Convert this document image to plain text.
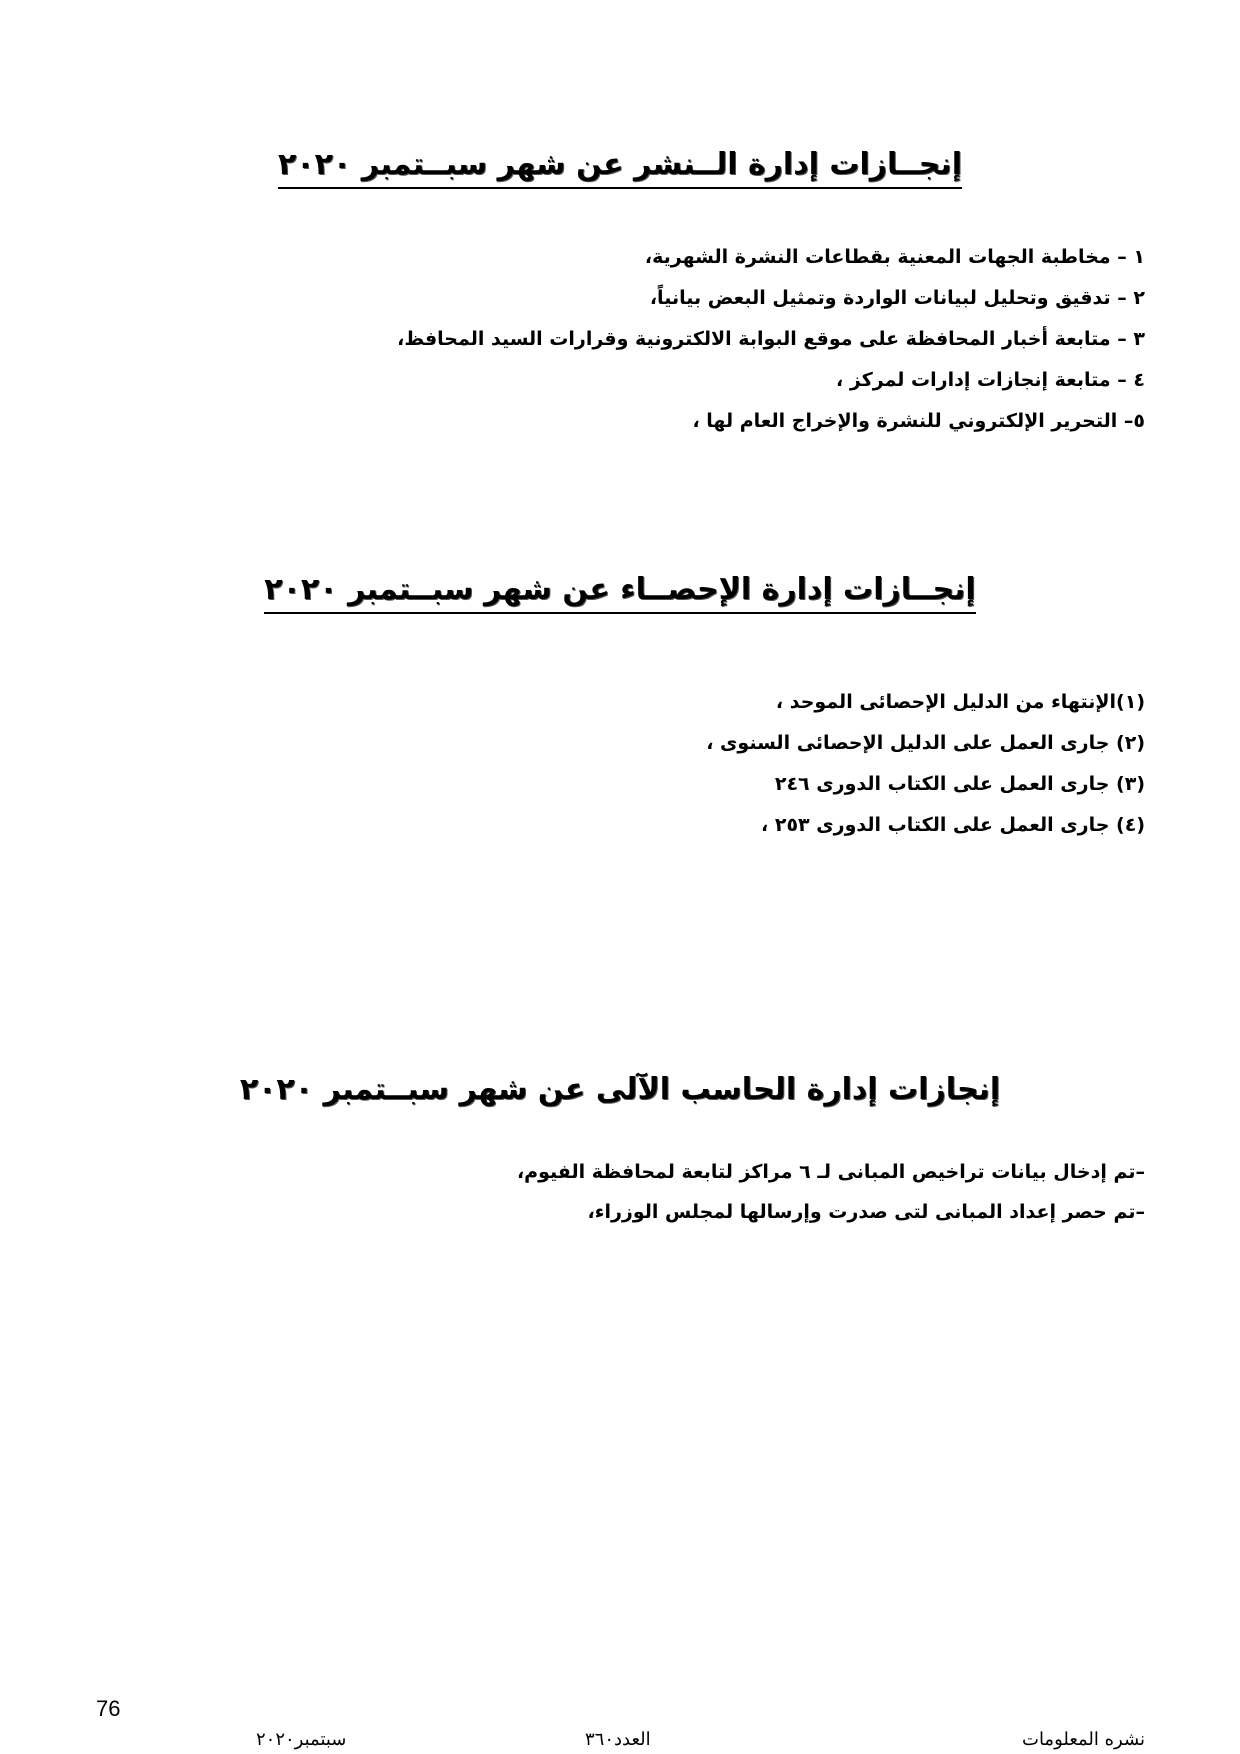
إنجــازات إدارة الــنشر عن شهر سبــتمبر ٢٠٢٠
١ – مخاطبة الجهات المعنية بقطاعات النشرة الشهرية،
٢ – تدقيق وتحليل لبيانات الواردة وتمثيل البعض بيانياً،
٣ – متابعة أخبار المحافظة على موقع البوابة الالكترونية وقرارات السيد المحافظ،
٤ – متابعة إنجازات إدارات لمركز ،
٥– التحرير الإلكتروني للنشرة والإخراج العام لها ،
إنجــازات إدارة الإحصــاء عن شهر سبــتمبر ٢٠٢٠
(١)الإنتهاء من الدليل الإحصائى الموحد ،
(٢) جارى العمل على الدليل الإحصائى السنوى ،
(٣) جارى العمل على الكتاب الدورى ٢٤٦
(٤) جارى العمل على الكتاب الدورى ٢٥٣ ،
إنجازات إدارة الحاسب الآلى عن شهر سبــتمبر ٢٠٢٠
–تم إدخال بيانات تراخيص المبانى لـ ٦ مراكز لتابعة لمحافظة الفيوم،
–تم حصر إعداد المبانى لتى صدرت وإرسالها لمجلس الوزراء،
76
سبتمبر٢٠٢٠	العدد٣٦٠	نشره المعلومات
